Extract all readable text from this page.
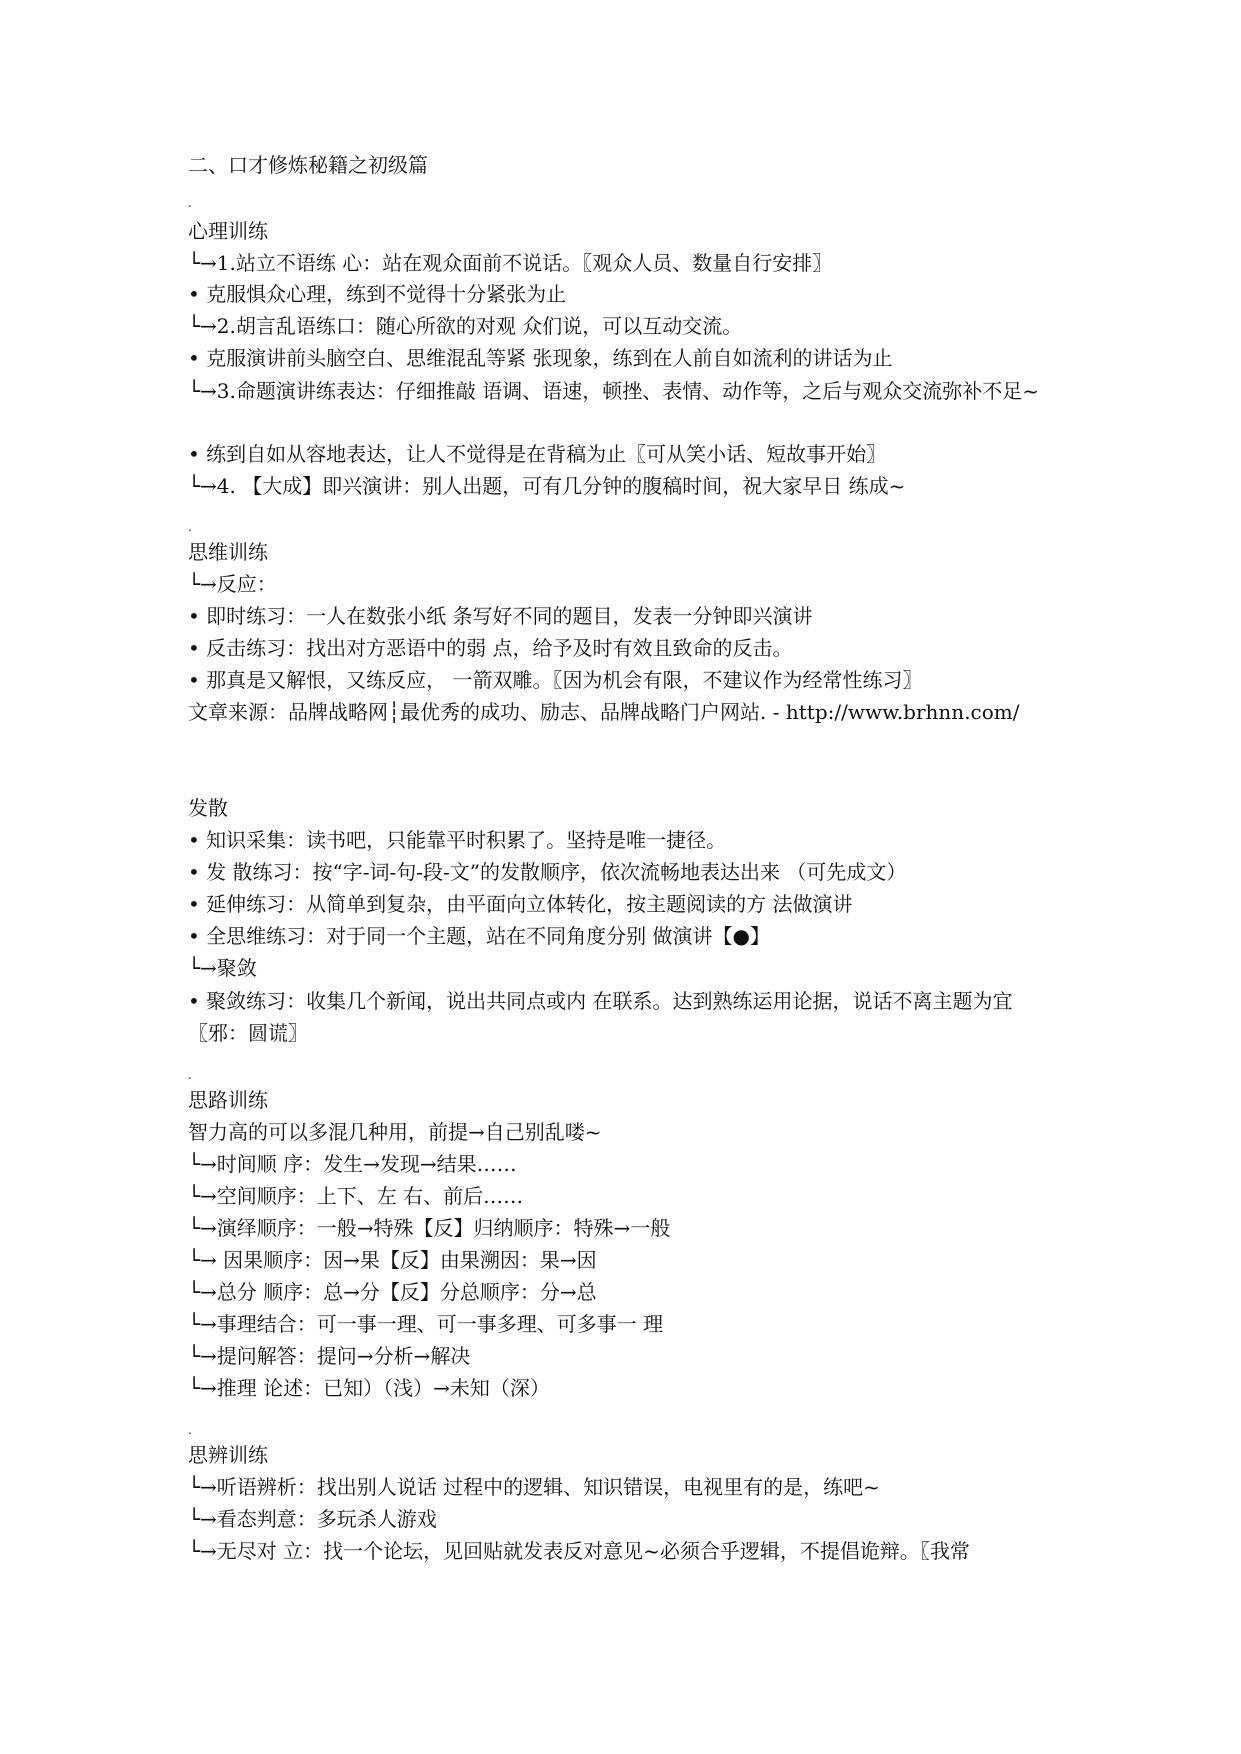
二、口才修炼秘籍之初级篇
.
心理训练
└→1.站立不语练 心：站在观众面前不说话。〖观众人员、数量自行安排〗
• 克服惧众心理，练到不觉得十分紧张为止
└→2.胡言乱语练口：随心所欲的对观 众们说，可以互动交流。
• 克服演讲前头脑空白、思维混乱等紧 张现象，练到在人前自如流利的讲话为止
└→3.命题演讲练表达：仔细推敲 语调、语速，顿挫、表情、动作等，之后与观众交流弥补不足~
• 练到自如从容地表达，让人不觉得是在背稿为止〖可从笑小话、短故事开始〗
└→4. 【大成】即兴演讲：别人出题，可有几分钟的腹稿时间，祝大家早日 练成~
.
思维训练
└→反应：
• 即时练习：一人在数张小纸 条写好不同的题目，发表一分钟即兴演讲
• 反击练习：找出对方恶语中的弱 点，给予及时有效且致命的反击。
• 那真是又解恨，又练反应， 一箭双雕。〖因为机会有限，不建议作为经常性练习〗
文章来源：品牌战略网┆最优秀的成功、励志、品牌战略门户网站. - http://www.brhnn.com/
发散
• 知识采集：读书吧，只能靠平时积累了。坚持是唯一捷径。
• 发 散练习：按“字-词-句-段-文”的发散顺序，依次流畅地表达出来 （可先成文）
• 延伸练习：从简单到复杂，由平面向立体转化，按主题阅读的方 法做演讲
• 全思维练习：对于同一个主题，站在不同角度分别 做演讲【●】
└→聚敛
• 聚敛练习：收集几个新闻，说出共同点或内 在联系。达到熟练运用论据，说话不离主题为宜〖邪：圆谎〗
.
思路训练
智力高的可以多混几种用，前提→自己别乱喽~
└→时间顺 序：发生→发现→结果……
└→空间顺序：上下、左 右、前后……
└→演绎顺序：一般→特殊【反】归纳顺序：特殊→一般
└→ 因果顺序：因→果【反】由果溯因：果→因
└→总分 顺序：总→分【反】分总顺序：分→总
└→事理结合：可一事一理、可一事多理、可多事一 理
└→提问解答：提问→分析→解决
└→推理 论述：已知）（浅）→未知（深）
.
思辨训练
└→听语辨析：找出别人说话 过程中的逻辑、知识错误，电视里有的是，练吧~
└→看态判意：多玩杀人游戏
└→无尽对 立：找一个论坛，见回贴就发表反对意见~必须合乎逻辑，不提倡诡辩。〖我常
